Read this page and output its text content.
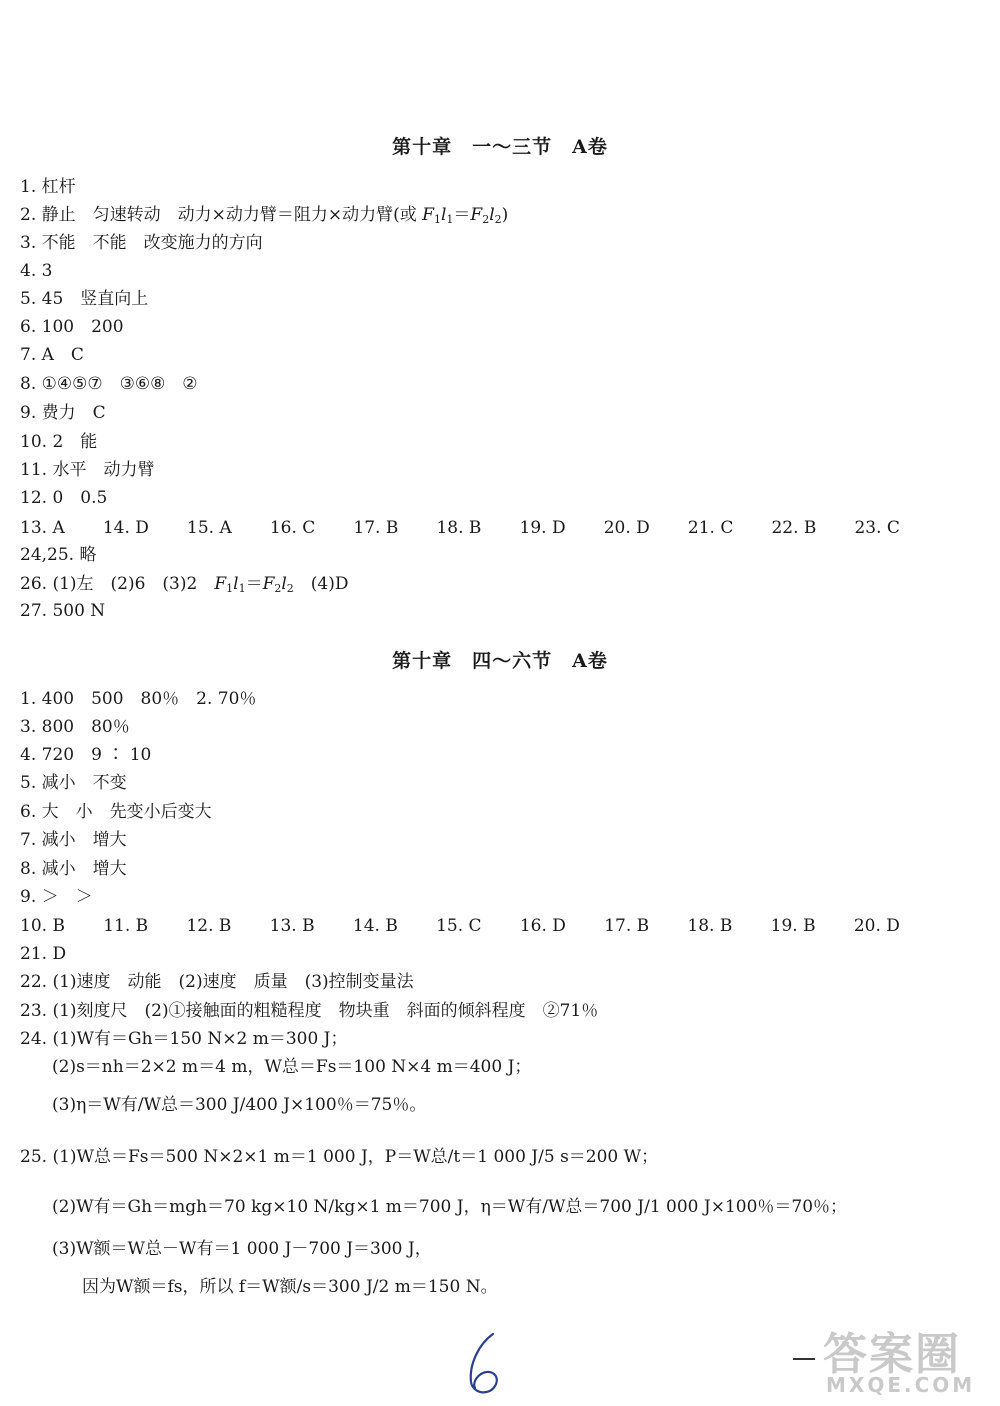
第十章　一～三节　A卷
1. 杠杆
2. 静止　匀速转动　动力×动力臂＝阻力×动力臂(或 $F_1l_1=F_2l_2$)
3. 不能　不能　改变施力的方向
4. 3
5. 45　竖直向上
6. 100　200
7. A　C
8. ①④⑤⑦　③⑥⑧　②
9. 费力　C
10. 2　能
11. 水平　动力臂
12. 0　0.5
13. A 14. D 15. A 16. C 17. B 18. B 19. D 20. D 21. C 22. B 23. C
24,25. 略
26. (1)左　(2)6　(3)2　$F_1l_1=F_2l_2$　(4)D
27. 500 N
第十章　四～六节　A卷
1. 400　500　80％　2. 70％
3. 800　80％
4. 720　9 ∶ 10
5. 减小　不变
6. 大　小　先变小后变大
7. 减小　增大
8. 减小　增大
9. ＞　＞
10. B 11. B 12. B 13. B 14. B 15. C 16. D 17. B 18. B 19. B 20. D
21. D
22. (1)速度　动能　(2)速度　质量　(3)控制变量法
23. (1)刻度尺　(2)①接触面的粗糙程度　物块重　斜面的倾斜程度　②71％
24. (1)W有＝Gh＝150 N×2 m＝300 J；
(2)s＝nh＝2×2 m＝4 m，W总＝Fs＝100 N×4 m＝400 J；
(3)η＝W有/W总＝300 J/400 J×100％＝75％。
25. (1)W总＝Fs＝500 N×2×1 m＝1 000 J，P＝W总/t＝1 000 J/5 s＝200 W；
(2)W有＝Gh＝mgh＝70 kg×10 N/kg×1 m＝700 J，η＝W有/W总＝700 J/1 000 J×100％＝70％；
(3)W额＝W总－W有＝1 000 J－700 J＝300 J，
因为W额＝fs，所以 f＝W额/s＝300 J/2 m＝150 N。
答案圈
MXQE.COM
